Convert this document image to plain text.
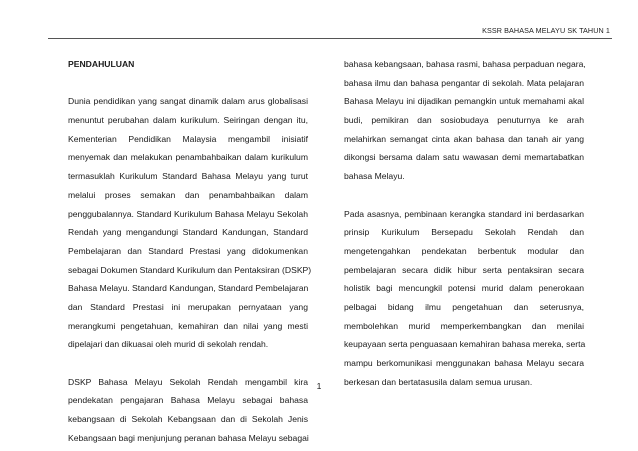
KSSR BAHASA MELAYU SK TAHUN 1
PENDAHULUAN
Dunia pendidikan yang sangat dinamik dalam arus globalisasi
menuntut perubahan dalam kurikulum. Seiringan dengan itu,
Kementerian Pendidikan Malaysia mengambil inisiatif
menyemak dan melakukan penambahbaikan dalam kurikulum
termasuklah Kurikulum Standard Bahasa Melayu yang turut
melalui proses semakan dan penambahbaikan dalam
penggubalannya. Standard Kurikulum Bahasa Melayu Sekolah
Rendah yang mengandungi Standard Kandungan, Standard
Pembelajaran dan Standard Prestasi yang didokumenkan
sebagai Dokumen Standard Kurikulum dan Pentaksiran (DSKP)
Bahasa Melayu. Standard Kandungan, Standard Pembelajaran
dan Standard Prestasi ini merupakan pernyataan yang
merangkumi pengetahuan, kemahiran dan nilai yang mesti
dipelajari dan dikuasai oleh murid di sekolah rendah.
DSKP Bahasa Melayu Sekolah Rendah mengambil kira
pendekatan pengajaran Bahasa Melayu sebagai bahasa
kebangsaan di Sekolah Kebangsaan dan di Sekolah Jenis
Kebangsaan bagi menjunjung peranan bahasa Melayu sebagai
bahasa kebangsaan, bahasa rasmi, bahasa perpaduan negara,
bahasa ilmu dan bahasa pengantar di sekolah. Mata pelajaran
Bahasa Melayu ini dijadikan pemangkin untuk memahami akal
budi, pemikiran dan sosiobudaya penuturnya ke arah
melahirkan semangat cinta akan bahasa dan tanah air yang
dikongsi bersama dalam satu wawasan demi memartabatkan
bahasa Melayu.
Pada asasnya, pembinaan kerangka standard ini berdasarkan
prinsip Kurikulum Bersepadu Sekolah Rendah dan
mengetengahkan pendekatan berbentuk modular dan
pembelajaran secara didik hibur serta pentaksiran secara
holistik bagi mencungkil potensi murid dalam penerokaan
pelbagai bidang ilmu pengetahuan dan seterusnya,
membolehkan murid memperkembangkan dan menilai
keupayaan serta penguasaan kemahiran bahasa mereka, serta
mampu berkomunikasi menggunakan bahasa Melayu secara
berkesan dan bertatasusila dalam semua urusan.
1
